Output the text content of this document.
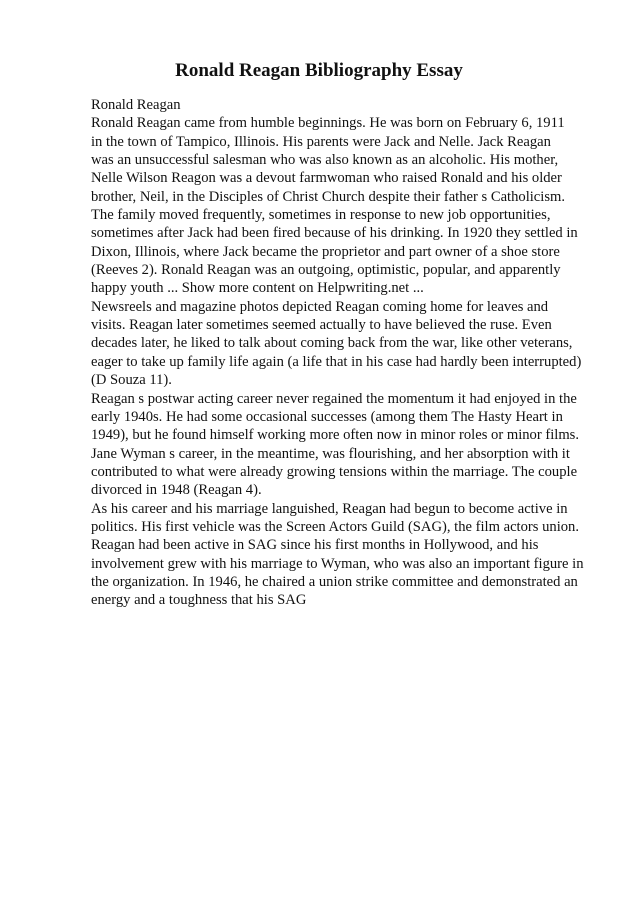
Ronald Reagan Bibliography Essay
Ronald Reagan
Ronald Reagan came from humble beginnings. He was born on February 6, 1911
in the town of Tampico, Illinois. His parents were Jack and Nelle. Jack Reagan
was an unsuccessful salesman who was also known as an alcoholic. His mother,
Nelle Wilson Reagon was a devout farmwoman who raised Ronald and his older
brother, Neil, in the Disciples of Christ Church despite their father s Catholicism.
The family moved frequently, sometimes in response to new job opportunities,
sometimes after Jack had been fired because of his drinking. In 1920 they settled in
Dixon, Illinois, where Jack became the proprietor and part owner of a shoe store
(Reeves 2). Ronald Reagan was an outgoing, optimistic, popular, and apparently
happy youth ... Show more content on Helpwriting.net ...
Newsreels and magazine photos depicted Reagan coming home for leaves and
visits. Reagan later sometimes seemed actually to have believed the ruse. Even
decades later, he liked to talk about coming back from the war, like other veterans,
eager to take up family life again (a life that in his case had hardly been interrupted)
(D Souza 11).
Reagan s postwar acting career never regained the momentum it had enjoyed in the
early 1940s. He had some occasional successes (among them The Hasty Heart in
1949), but he found himself working more often now in minor roles or minor films.
Jane Wyman s career, in the meantime, was flourishing, and her absorption with it
contributed to what were already growing tensions within the marriage. The couple
divorced in 1948 (Reagan 4).
As his career and his marriage languished, Reagan had begun to become active in
politics. His first vehicle was the Screen Actors Guild (SAG), the film actors union.
Reagan had been active in SAG since his first months in Hollywood, and his
involvement grew with his marriage to Wyman, who was also an important figure in
the organization. In 1946, he chaired a union strike committee and demonstrated an
energy and a toughness that his SAG
